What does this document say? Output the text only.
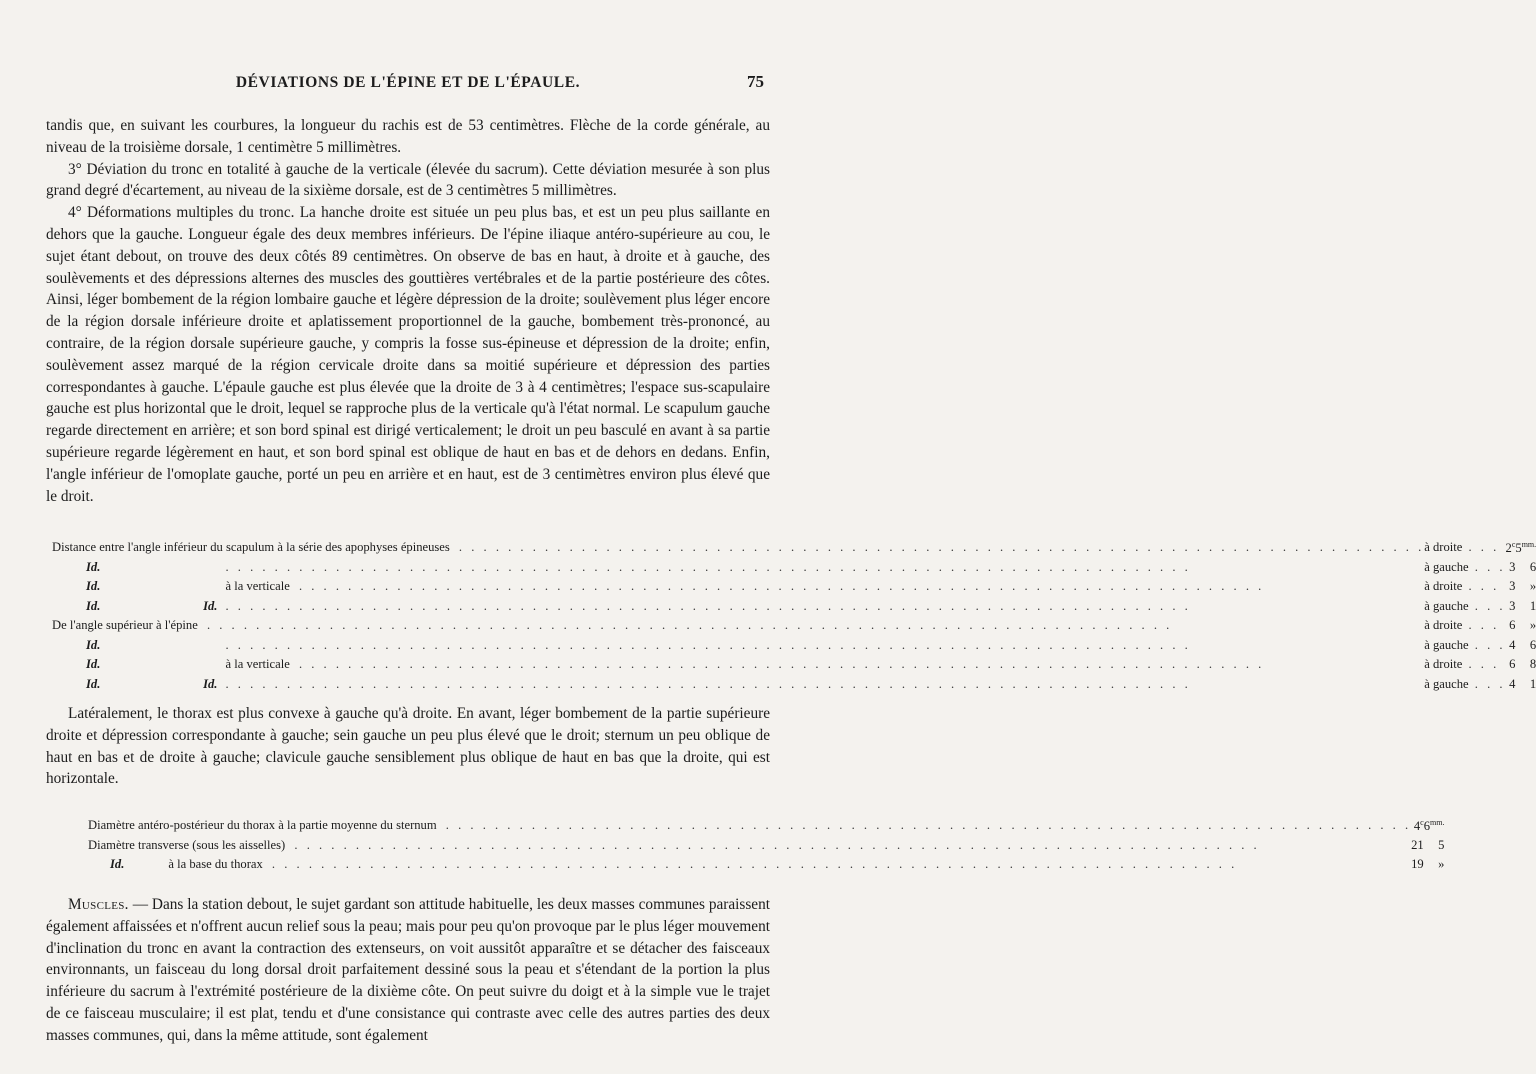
DÉVIATIONS DE L'ÉPINE ET DE L'ÉPAULE.	75

tandis que, en suivant les courbures, la longueur du rachis est de 53 centimètres. Flèche de la corde générale, au niveau de la troisième dorsale, 1 centimètre 5 millimètres.

3° Déviation du tronc en totalité à gauche de la verticale (élevée du sacrum). Cette déviation mesurée à son plus grand degré d'écartement, au niveau de la sixième dorsale, est de 3 centimètres 5 millimètres.

4° Déformations multiples du tronc. La hanche droite est située un peu plus bas, et est un peu plus saillante en dehors que la gauche. Longueur égale des deux membres inférieurs. De l'épine iliaque antéro-supérieure au cou, le sujet étant debout, on trouve des deux côtés 89 centimètres. On observe de bas en haut, à droite et à gauche, des soulèvements et des dépressions alternes des muscles des gouttières vertébrales et de la partie postérieure des côtes. Ainsi, léger bombement de la région lombaire gauche et légère dépression de la droite; soulèvement plus léger encore de la région dorsale inférieure droite et aplatissement proportionnel de la gauche, bombement très-prononcé, au contraire, de la région dorsale supérieure gauche, y compris la fosse sus-épineuse et dépression de la droite; enfin, soulèvement assez marqué de la région cervicale droite dans sa moitié supérieure et dépression des parties correspondantes à gauche. L'épaule gauche est plus élevée que la droite de 3 à 4 centimètres; l'espace sus-scapulaire gauche est plus horizontal que le droit, lequel se rapproche plus de la verticale qu'à l'état normal. Le scapulum gauche regarde directement en arrière; et son bord spinal est dirigé verticalement; le droit un peu basculé en avant à sa partie supérieure regarde légèrement en haut, et son bord spinal est oblique de haut en bas et de dehors en dedans. Enfin, l'angle inférieur de l'omoplate gauche, porté un peu en arrière et en haut, est de 3 centimètres environ plus élevé que le droit.

Distance entre l'angle inférieur du scapulum à la série des apophyses épineuses . . . . . . . . . . . . . . . . . . . . . . . . . . . . . . . . . . . . . . . . . . . . . . . . . . . . . . . . . . . . . . . . . . . . . . . . . . . . . . .			à droite . . .	2$^c$	$5^{mm.}$
Id.		. . . . . . . . . . . . . . . . . . . . . . . . . . . . . . . . . . . . . . . . . . . . . . . . . . . . . . . . . . . . . . . . . . . . . . . . . . . . . . .	à gauche . . .	3	6
Id.		à la verticale . . . . . . . . . . . . . . . . . . . . . . . . . . . . . . . . . . . . . . . . . . . . . . . . . . . . . . . . . . . . . . . . . . . . . . . . . . . . . . .	à droite . . .	3	»
Id.	Id.	. . . . . . . . . . . . . . . . . . . . . . . . . . . . . . . . . . . . . . . . . . . . . . . . . . . . . . . . . . . . . . . . . . . . . . . . . . . . . . .	à gauche . . .	3	1
De l'angle supérieur à l'épine . . . . . . . . . . . . . . . . . . . . . . . . . . . . . . . . . . . . . . . . . . . . . . . . . . . . . . . . . . . . . . . . . . . . . . . . . . . . . . .			à droite . . .	6	»
Id.		. . . . . . . . . . . . . . . . . . . . . . . . . . . . . . . . . . . . . . . . . . . . . . . . . . . . . . . . . . . . . . . . . . . . . . . . . . . . . . .	à gauche . . .	4	6
Id.		à la verticale . . . . . . . . . . . . . . . . . . . . . . . . . . . . . . . . . . . . . . . . . . . . . . . . . . . . . . . . . . . . . . . . . . . . . . . . . . . . . . .	à droite . . .	6	8
Id.	Id.	. . . . . . . . . . . . . . . . . . . . . . . . . . . . . . . . . . . . . . . . . . . . . . . . . . . . . . . . . . . . . . . . . . . . . . . . . . . . . . .	à gauche . . .	4	1

Latéralement, le thorax est plus convexe à gauche qu'à droite. En avant, léger bombement de la partie supérieure droite et dépression correspondante à gauche; sein gauche un peu plus élevé que le droit; sternum un peu oblique de haut en bas et de droite à gauche; clavicule gauche sensiblement plus oblique de haut en bas que la droite, qui est horizontale.

Diamètre antéro-postérieur du thorax à la partie moyenne du sternum . . . . . . . . . . . . . . . . . . . . . . . . . . . . . . . . . . . . . . . . . . . . . . . . . . . . . . . . . . . . . . . . . . . . . . . . . . . . . . .	4$^c$	$6^{mm.}$
Diamètre transverse (sous les aisselles) . . . . . . . . . . . . . . . . . . . . . . . . . . . . . . . . . . . . . . . . . . . . . . . . . . . . . . . . . . . . . . . . . . . . . . . . . . . . . . .	21	5
Id. à la base du thorax . . . . . . . . . . . . . . . . . . . . . . . . . . . . . . . . . . . . . . . . . . . . . . . . . . . . . . . . . . . . . . . . . . . . . . . . . . . . . . .	19	»

Muscles. — Dans la station debout, le sujet gardant son attitude habituelle, les deux masses communes paraissent également affaissées et n'offrent aucun relief sous la peau; mais pour peu qu'on provoque par le plus léger mouvement d'inclination du tronc en avant la contraction des extenseurs, on voit aussitôt apparaître et se détacher des faisceaux environnants, un faisceau du long dorsal droit parfaitement dessiné sous la peau et s'étendant de la portion la plus inférieure du sacrum à l'extrémité postérieure de la dixième côte. On peut suivre du doigt et à la simple vue le trajet de ce faisceau musculaire; il est plat, tendu et d'une consistance qui contraste avec celle des autres parties des deux masses communes, qui, dans la même attitude, sont également
